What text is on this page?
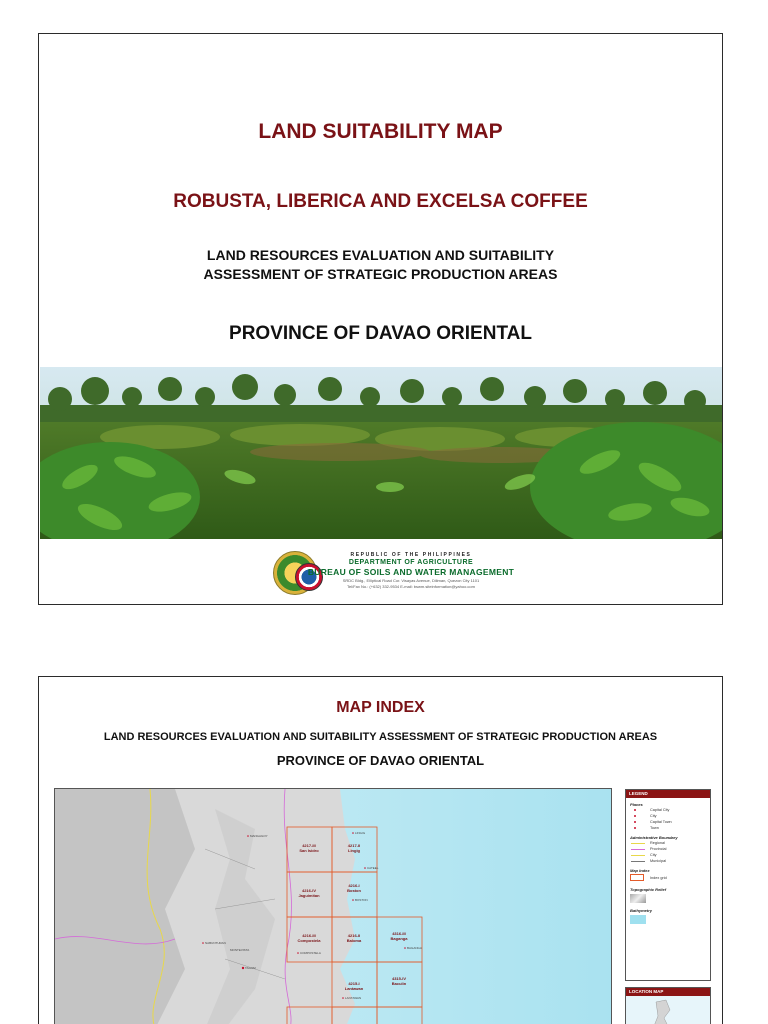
LAND SUITABILITY MAP
ROBUSTA, LIBERICA AND EXCELSA COFFEE
LAND RESOURCES EVALUATION AND SUITABILITY
ASSESSMENT OF STRATEGIC PRODUCTION AREAS
PROVINCE OF DAVAO ORIENTAL
REPUBLIC OF THE PHILIPPINES
DEPARTMENT OF AGRICULTURE
BUREAU OF SOILS AND WATER MANAGEMENT
SRDC Bldg., Elliptical Road Cor. Visayas Avenue, Diliman, Quezon City 1101
Tel/Fax No.: (+632) 332-9534 E-mail: bswm.siteinformation@yahoo.com
MAP INDEX
LAND RESOURCES EVALUATION AND SUITABILITY ASSESSMENT OF STRATEGIC PRODUCTION AREAS
PROVINCE OF DAVAO ORIENTAL
4217-III
San Isidro
4217-II
Lingig
4216-IV
Jaguimitan
4216-I
Boston
4216-III
Compostela
4216-II
Baloma
4316-III
Baganga
4215-I
Lantawan
4315-IV
Baculin
LINGIG
MANGAGOY
BOSTON
CATEEL
BAGANGA
NABUNTURAN
MONTEVISTA
COMPOSTELA
TAGUM
LANTAWAN
LEGEND
Places
Capital City
City
Capital Town
Town
Administrative Boundary
Regional
Provincial
City
Municipal
Map Index
Index grid
Topographic Relief
Bathymetry
LOCATION MAP
